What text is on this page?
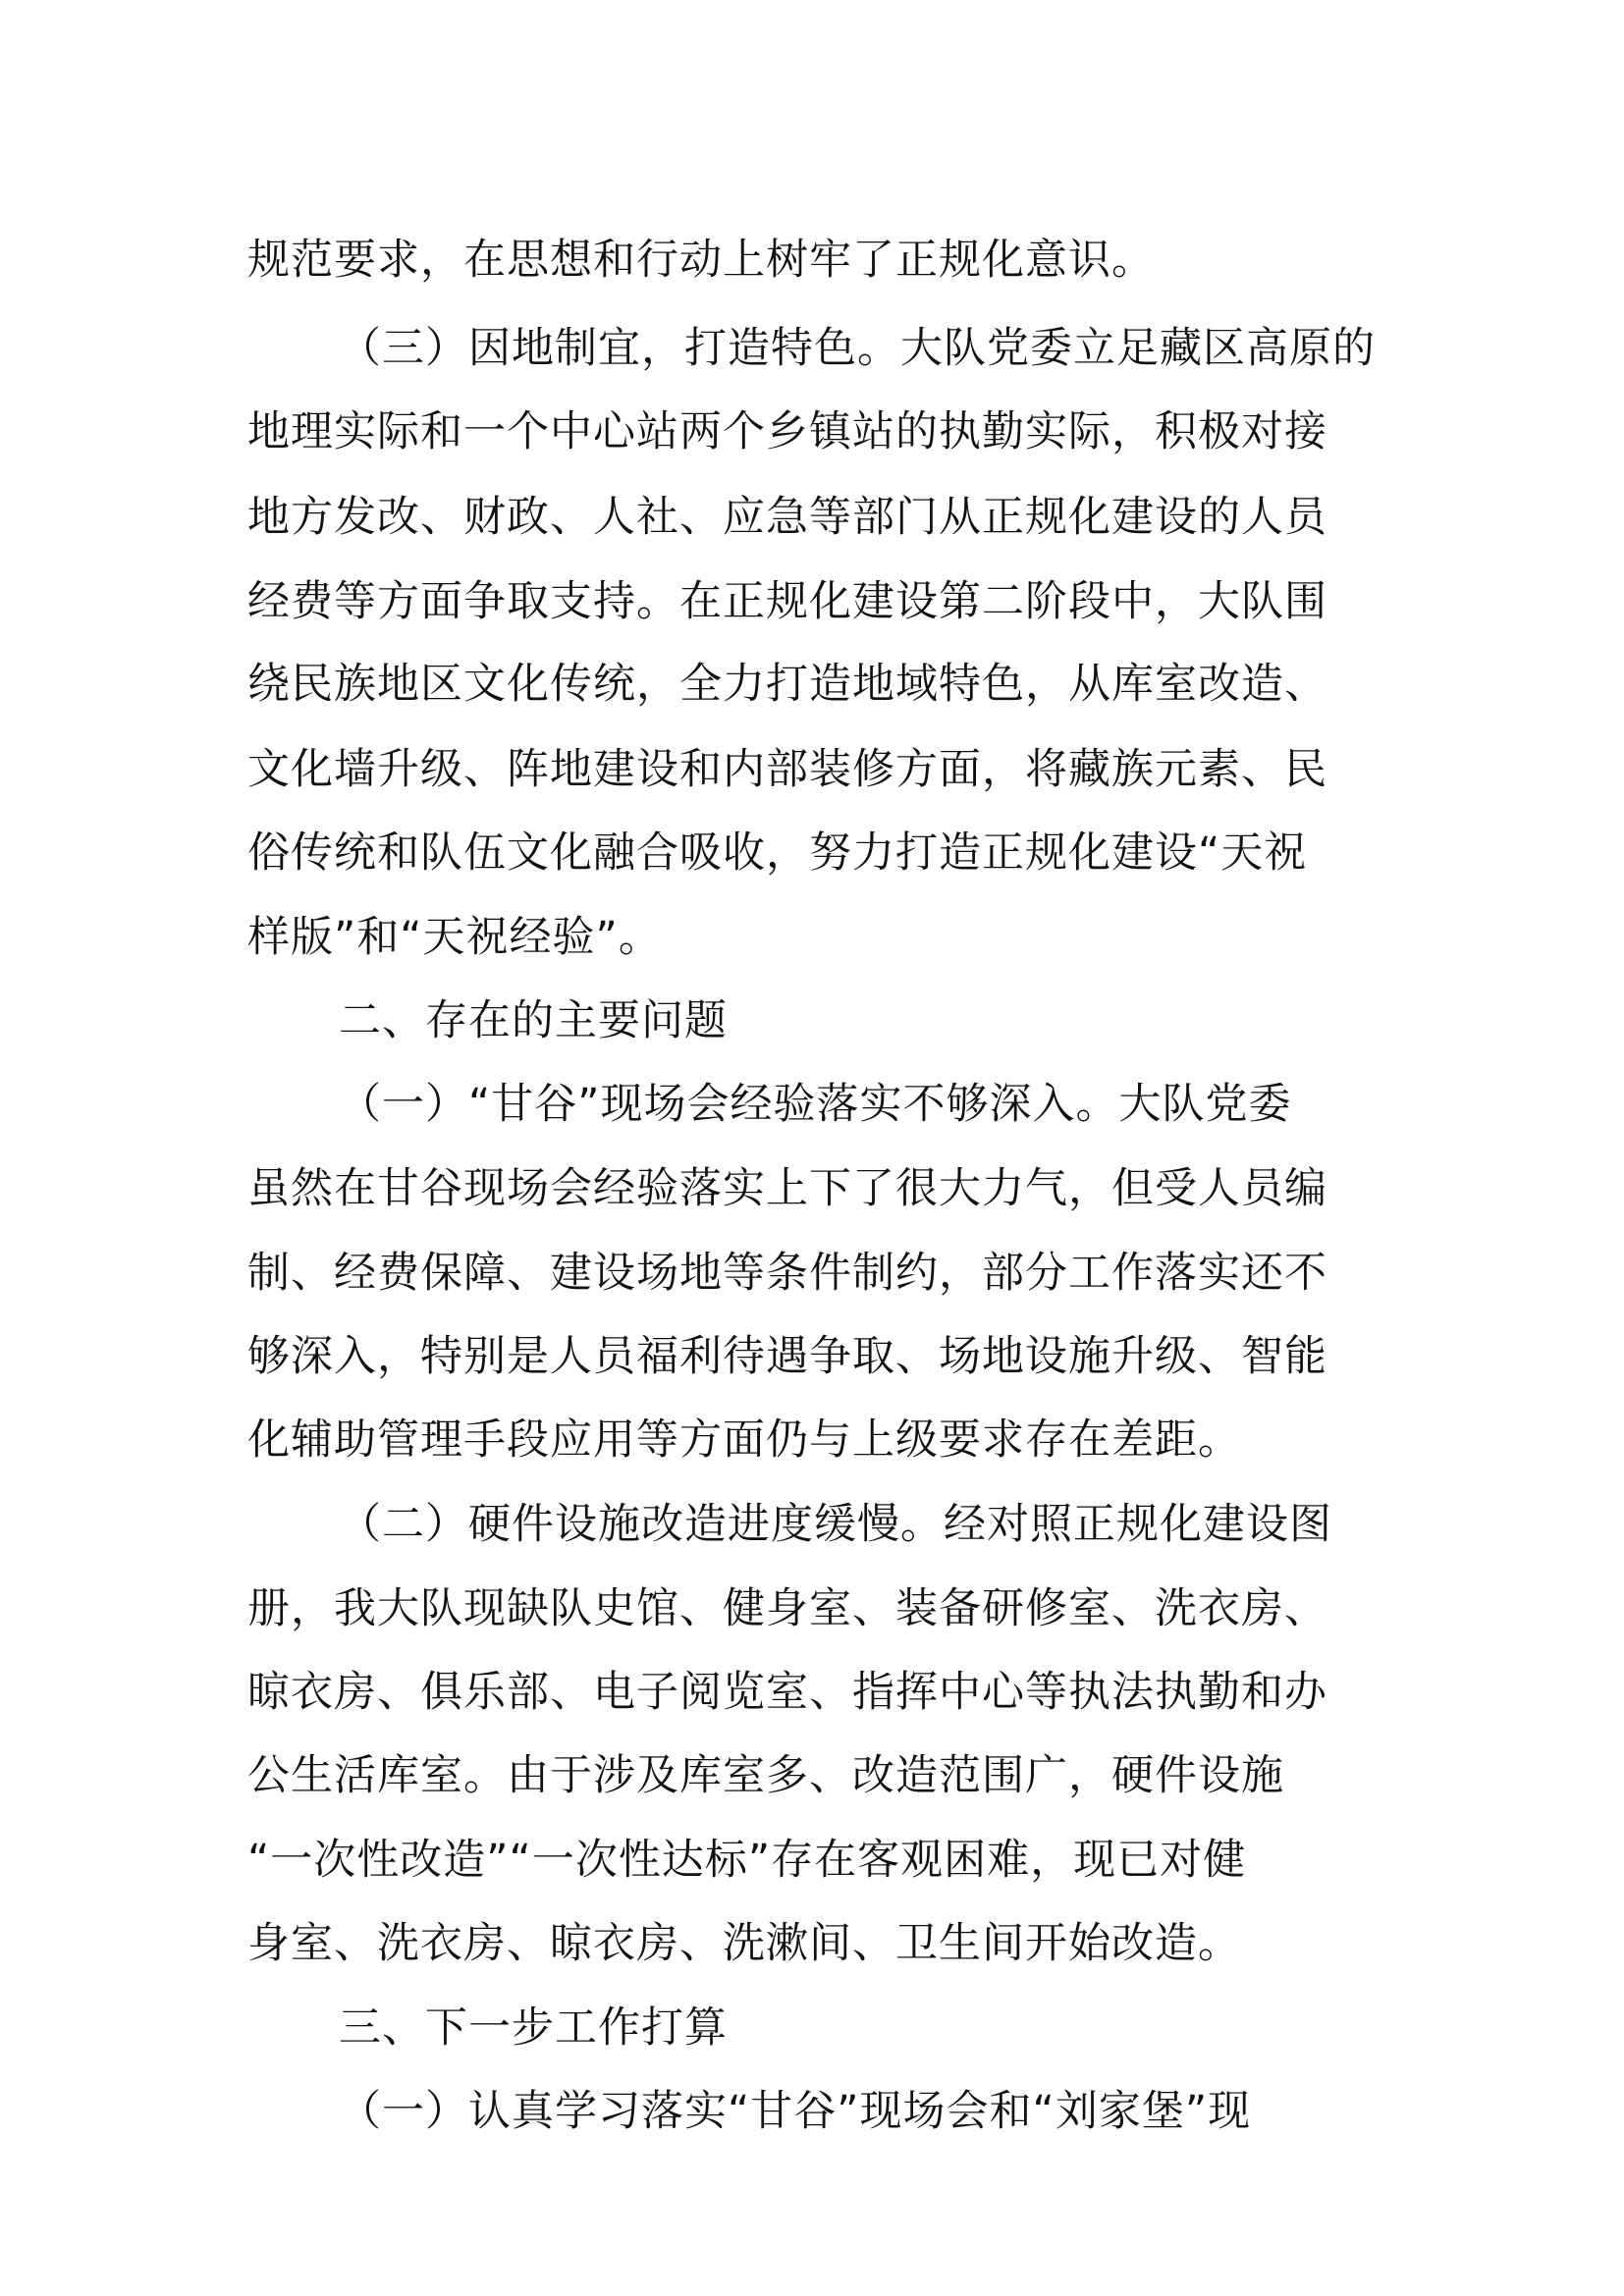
规范要求，在思想和行动上树牢了正规化意识。
（三）因地制宜，打造特色。大队党委立足藏区高原的
地理实际和一个中心站两个乡镇站的执勤实际，积极对接
地方发改、财政、人社、应急等部门从正规化建设的人员
经费等方面争取支持。在正规化建设第二阶段中，大队围
绕民族地区文化传统，全力打造地域特色，从库室改造、
文化墙升级、阵地建设和内部装修方面，将藏族元素、民
俗传统和队伍文化融合吸收，努力打造正规化建设“天祝
样版”和“天祝经验”。
二、存在的主要问题
（一）“甘谷”现场会经验落实不够深入。大队党委
虽然在甘谷现场会经验落实上下了很大力气，但受人员编
制、经费保障、建设场地等条件制约，部分工作落实还不
够深入，特别是人员福利待遇争取、场地设施升级、智能
化辅助管理手段应用等方面仍与上级要求存在差距。
（二）硬件设施改造进度缓慢。经对照正规化建设图
册，我大队现缺队史馆、健身室、装备研修室、洗衣房、
晾衣房、俱乐部、电子阅览室、指挥中心等执法执勤和办
公生活库室。由于涉及库室多、改造范围广，硬件设施
“一次性改造”“一次性达标”存在客观困难，现已对健
身室、洗衣房、晾衣房、洗漱间、卫生间开始改造。
三、下一步工作打算
（一）认真学习落实“甘谷”现场会和“刘家堡”现
